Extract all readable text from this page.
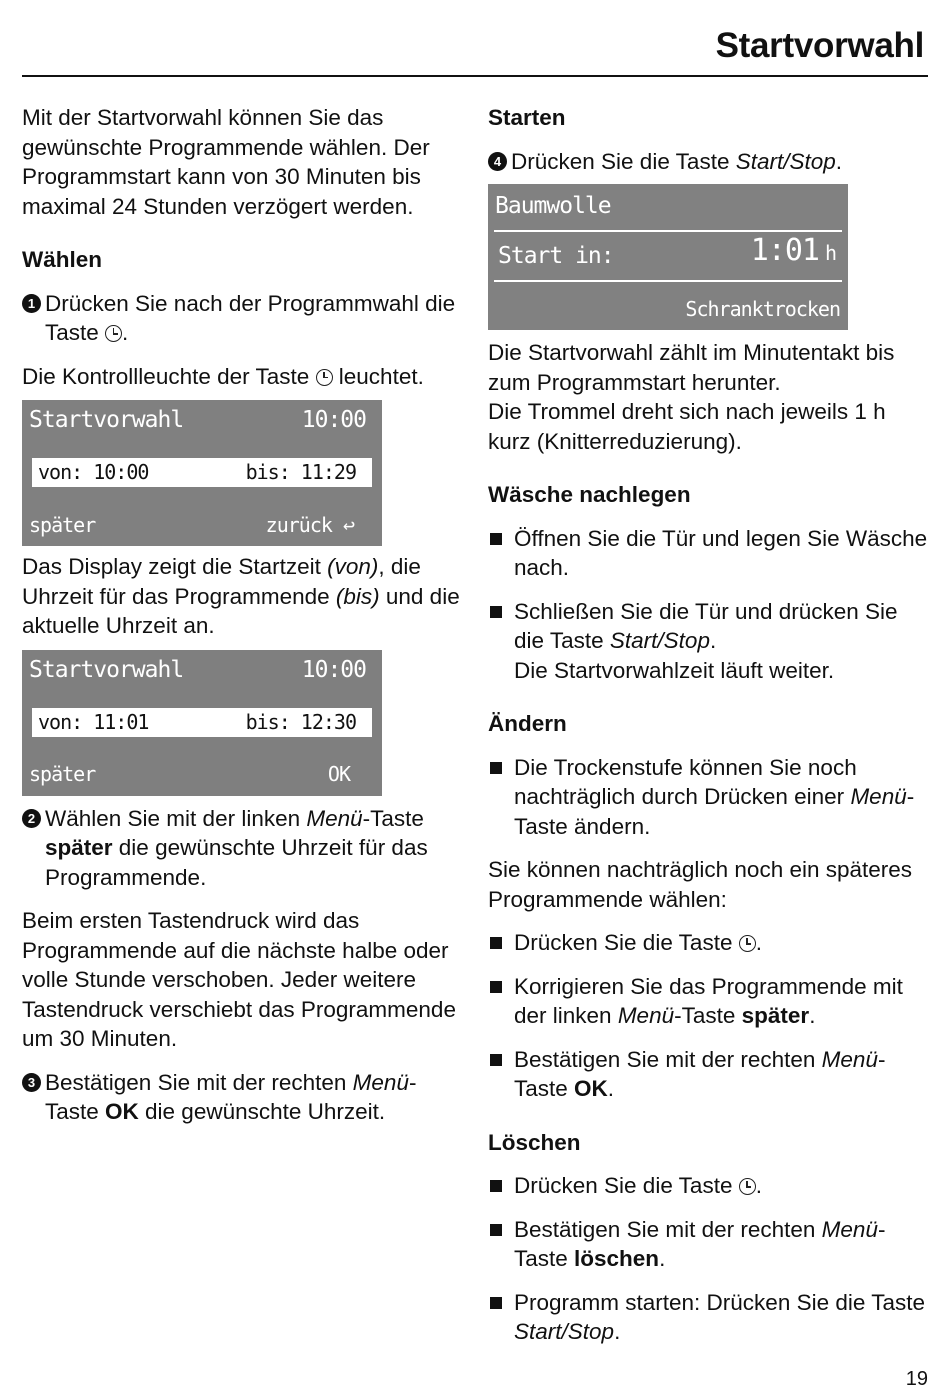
Startvorwahl

Mit der Startvorwahl können Sie das gewünschte Programmende wählen. Der Programmstart kann von 30 Minuten bis maximal 24 Stunden verzögert werden.

Wählen

1 Drücken Sie nach der Programmwahl die Taste .

Die Kontrollleuchte der Taste leuchtet.

Startvorwahl	10:00
von: 10:00	bis: 11:29
später	zurück ↩

Das Display zeigt die Startzeit (von), die Uhrzeit für das Programmende (bis) und die aktuelle Uhrzeit an.

Startvorwahl	10:00
von: 11:01	bis: 12:30
später	OK
2 Wählen Sie mit der linken Menü-Taste später die gewünschte Uhrzeit für das Programmende.

Beim ersten Tastendruck wird das Programmende auf die nächste halbe oder volle Stunde verschoben. Jeder weitere Tastendruck verschiebt das Programmende um 30 Minuten.

3 Bestätigen Sie mit der rechten Menü-Taste OK die gewünschte Uhrzeit.

Starten

4 Drücken Sie die Taste Start/Stop.
Baumwolle
Start in:	1:01 h
Schranktrocken

Die Startvorwahl zählt im Minutentakt bis zum Programmstart herunter.

Die Trommel dreht sich nach jeweils 1 h kurz (Knitterreduzierung).

Wäsche nachlegen

Öffnen Sie die Tür und legen Sie Wäsche nach.
Schließen Sie die Tür und drücken Sie die Taste Start/Stop.
Die Startvorwahlzeit läuft weiter.

Ändern

Die Trockenstufe können Sie noch nachträglich durch Drücken einer Menü-Taste ändern.

Sie können nachträglich noch ein späteres Programmende wählen:

Drücken Sie die Taste .
Korrigieren Sie das Programmende mit der linken Menü-Taste später.
Bestätigen Sie mit der rechten Menü-Taste OK.

Löschen

Drücken Sie die Taste .
Bestätigen Sie mit der rechten Menü-Taste löschen.
Programm starten: Drücken Sie die Taste Start/Stop.
19
